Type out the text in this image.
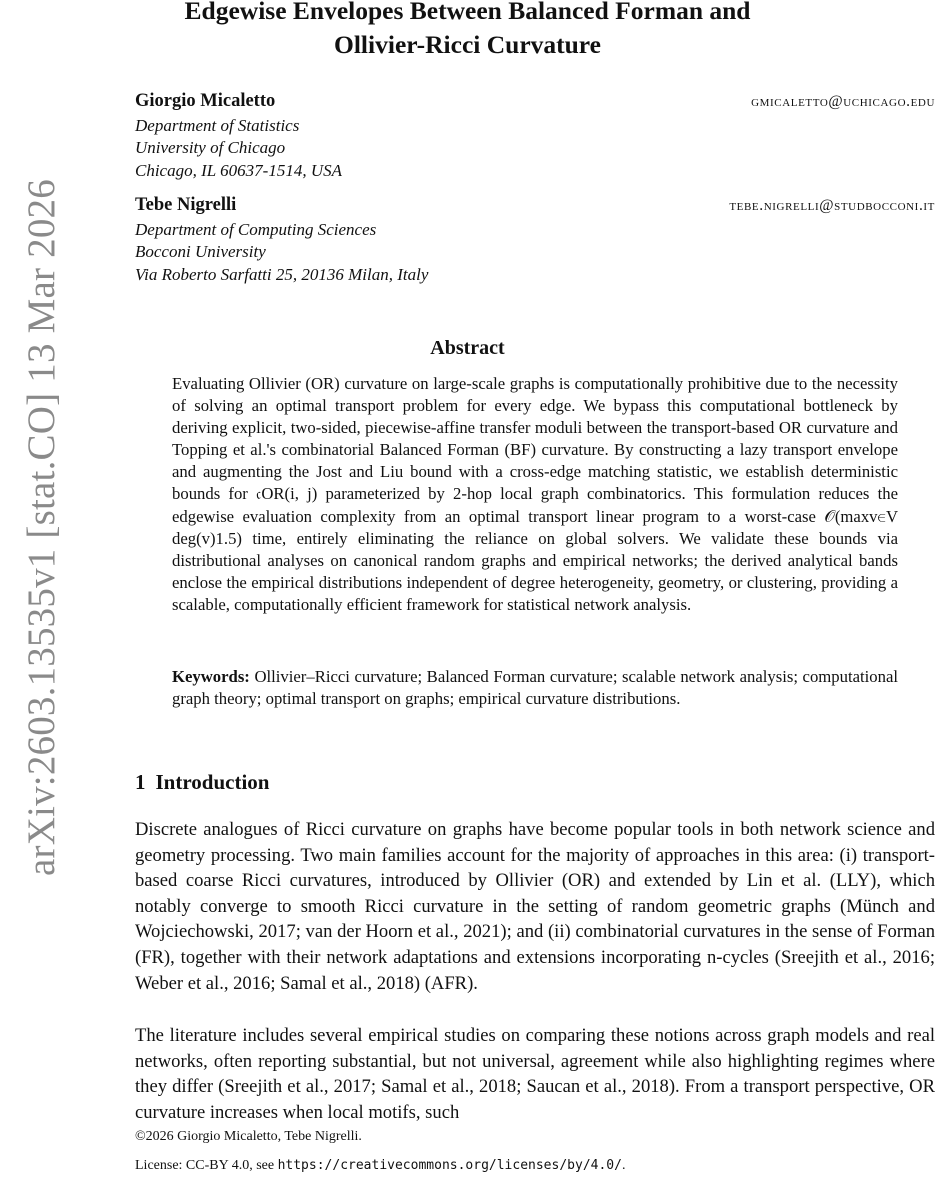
arXiv:2603.13535v1 [stat.CO] 13 Mar 2026
Edgewise Envelopes Between Balanced Forman and
Ollivier-Ricci Curvature
Giorgio Micaletto	gmicaletto@uchicago.edu
Department of Statistics
University of Chicago
Chicago, IL 60637-1514, USA
Tebe Nigrelli	tebe.nigrelli@studbocconi.it
Department of Computing Sciences
Bocconi University
Via Roberto Sarfatti 25, 20136 Milan, Italy
Abstract

Evaluating Ollivier (OR) curvature on large-scale graphs is computationally prohibitive due to the necessity of solving an optimal transport problem for every edge. We bypass this computational bottleneck by deriving explicit, two-sided, piecewise-affine transfer moduli between the transport-based OR curvature and Topping et al.'s combinatorial Balanced Forman (BF) curvature. By constructing a lazy transport envelope and augmenting the Jost and Liu bound with a cross-edge matching statistic, we establish deterministic bounds for 𝔠OR(i, j) parameterized by 2-hop local graph combinatorics. This formulation reduces the edgewise evaluation complexity from an optimal transport linear program to a worst-case 𝒪(maxv∈V deg(v)1.5) time, entirely eliminating the reliance on global solvers. We validate these bounds via distributional analyses on canonical random graphs and empirical networks; the derived analytical bands enclose the empirical distributions independent of degree heterogeneity, geometry, or clustering, providing a scalable, computationally efficient framework for statistical network analysis.

Keywords: Ollivier–Ricci curvature; Balanced Forman curvature; scalable network analysis; computational graph theory; optimal transport on graphs; empirical curvature distributions.

1 Introduction

Discrete analogues of Ricci curvature on graphs have become popular tools in both network science and geometry processing. Two main families account for the majority of approaches in this area: (i) transport-based coarse Ricci curvatures, introduced by Ollivier (OR) and extended by Lin et al. (LLY), which notably converge to smooth Ricci curvature in the setting of random geometric graphs (Münch and Wojciechowski, 2017; van der Hoorn et al., 2021); and (ii) combinatorial curvatures in the sense of Forman (FR), together with their network adaptations and extensions incorporating n-cycles (Sreejith et al., 2016; Weber et al., 2016; Samal et al., 2018) (AFR).

The literature includes several empirical studies on comparing these notions across graph models and real networks, often reporting substantial, but not universal, agreement while also highlighting regimes where they differ (Sreejith et al., 2017; Samal et al., 2018; Saucan et al., 2018). From a transport perspective, OR curvature increases when local motifs, such

©2026 Giorgio Micaletto, Tebe Nigrelli.

License: CC-BY 4.0, see https://creativecommons.org/licenses/by/4.0/.
